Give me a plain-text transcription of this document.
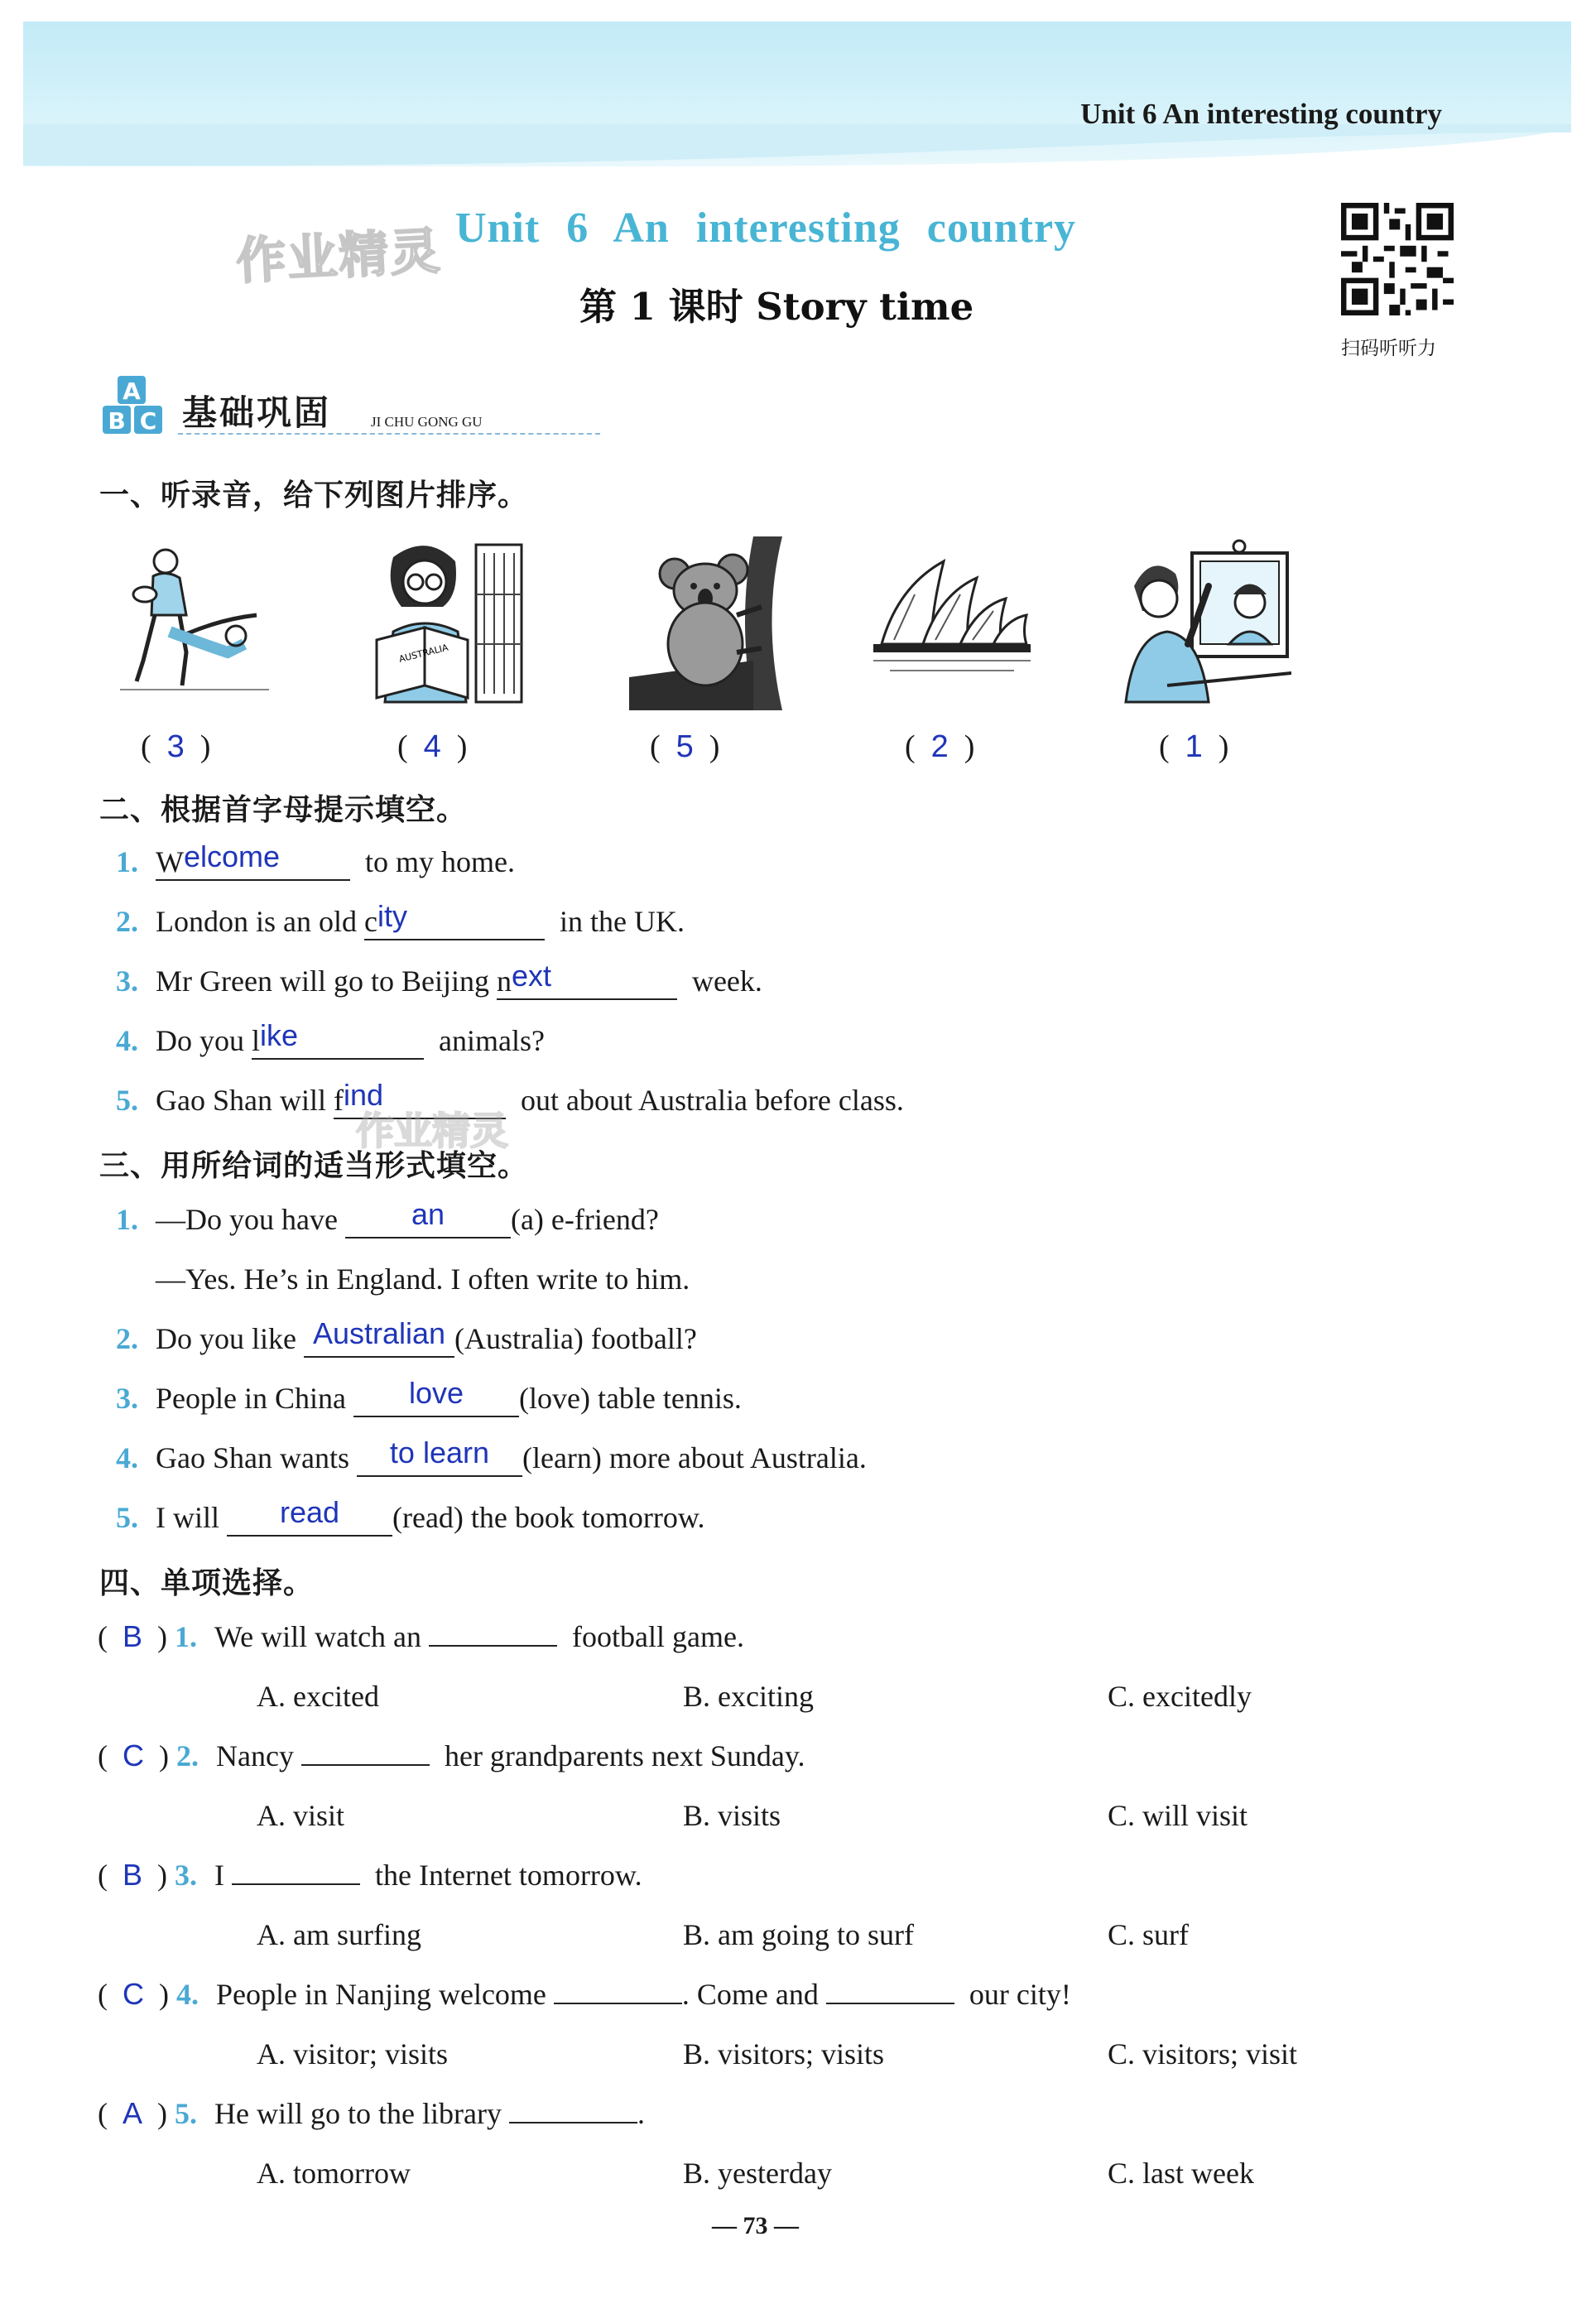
Unit 6 An interesting country
作业精灵 Unit 6 An interesting country
第 1 课时 Story time
扫码听听力
A
B C 基础巩固	JI CHU GONG GU
一、听录音，给下列图片排序。
AUSTRALIA
(  3  )	(  4  )	(  5  )	(  2  )	(  1  )
二、根据首字母提示填空。
1. Welcome	to my home.
2. London is an old city	in the UK.
3. Mr Green will go to Beijing next	week.
4. Do you like	animals?
5. Gao Shan will find	out about Australia before class.
作业精灵
三、用所给词的适当形式填空。
1. —Do you have an (a) e-friend?
—Yes. He’s in England. I often write to him.
2. Do you like Australian (Australia) football?
3. People in China love (love) table tennis.
4. Gao Shan wants to learn (learn) more about Australia.
5. I will read (read) the book tomorrow.
四、单项选择。
(  B  ) 1. We will watch an	football game.
A. excited	B. exciting	C. excitedly
(  C  ) 2. Nancy	her grandparents next Sunday.
A. visit	B. visits	C. will visit
(  B  ) 3. I	the Internet tomorrow.
A. am surfing	B. am going to surf	C. surf
(  C  ) 4. People in Nanjing welcome	. Come and	our city!
A. visitor; visits	B. visitors; visits	C. visitors; visit
(  A  ) 5. He will go to the library	.
A. tomorrow	B. yesterday	C. last week
— 73 —
